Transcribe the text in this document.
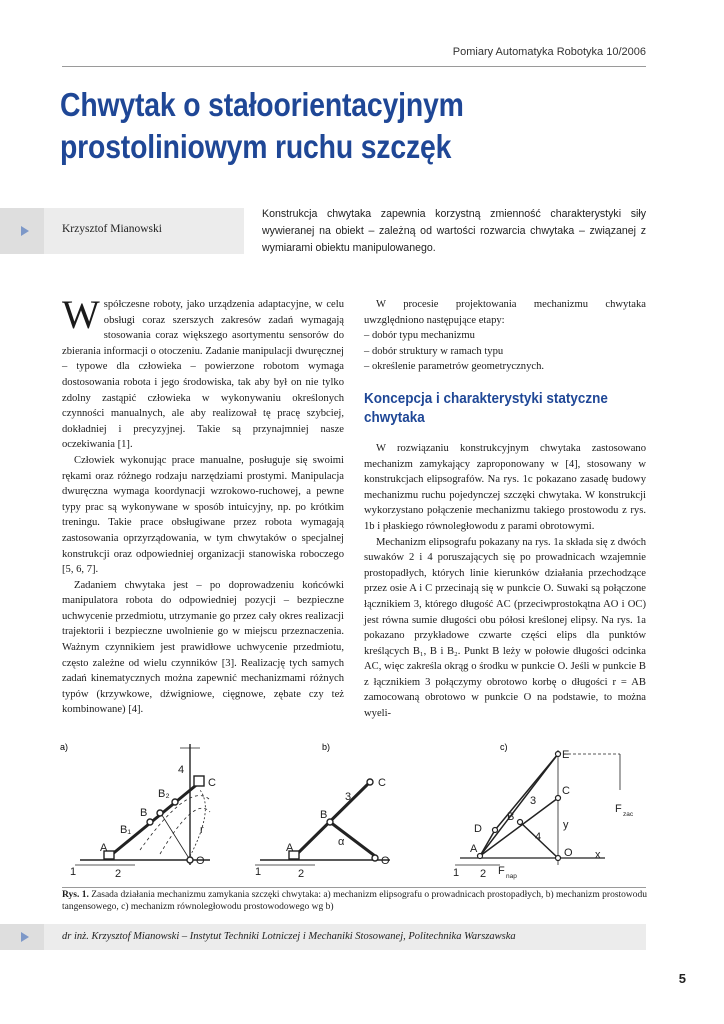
Pomiary Automatyka Robotyka 10/2006
Chwytak o stałoorientacyjnym
prostoliniowym ruchu szczęk
Krzysztof Mianowski
Konstrukcja chwytaka zapewnia korzystną zmienność charakterystyki siły wywieranej na obiekt – zależną od wartości rozwarcia chwytaka – związanej z wymiarami obiektu manipulowanego.

Współczesne roboty, jako urządzenia adaptacyjne, w celu obsługi coraz szerszych zakresów zadań wymagają stosowania coraz większego asortymentu sensorów do zbierania informacji o otoczeniu. Zadanie manipulacji dwuręcznej – typowe dla człowieka – powierzone robotom wymaga dostosowania robota i jego środowiska, tak aby był on nie tylko zdolny zastąpić człowieka w wykonywaniu określonych czynności manualnych, ale aby realizował tę pracę szybciej, dokładniej i precyzyjnej. Takie są przynajmniej nasze oczekiwania [1].

Człowiek wykonując prace manualne, posługuje się swoimi rękami oraz różnego rodzaju narzędziami prostymi. Manipulacja dwuręczna wymaga koordynacji wzrokowo-ruchowej, a pewne typy prac są wykonywane w sposób intuicyjny, np. po krótkim treningu. Takie prace obsługiwane przez robota wymagają zastosowania oprzyrządowania, w tym chwytaków o specjalnej konstrukcji oraz odpowiedniej organizacji stanowiska roboczego [5, 6, 7].

Zadaniem chwytaka jest – po doprowadzeniu końcówki manipulatora robota do odpowiedniej pozycji – bezpieczne uchwycenie przedmiotu, utrzymanie go przez cały okres realizacji trajektorii i bezpieczne uwolnienie go w miejscu przeznaczenia. Ważnym czynnikiem jest prawidłowe uchwycenie przedmiotu, często zależne od wielu czynników [3]. Realizację tych samych zadań kinematycznych można zapewnić mechanizmami różnych typów (krzywkowe, dźwigniowe, cięgnowe, zębate czy też kombinowane) [4].

W procesie projektowania mechanizmu chwytaka uwzględniono następujące etapy:

– dobór typu mechanizmu

– dobór struktury w ramach typu

– określenie parametrów geometrycznych.

Koncepcja i charakterystyki statyczne chwytaka

W rozwiązaniu konstrukcyjnym chwytaka zastosowano mechanizm zamykający zaproponowany w [4], stosowany w konstrukcjach elipsografów. Na rys. 1c pokazano zasadę budowy mechanizmu ruchu pojedynczej szczęki chwytaka. W konstrukcji wykorzystano połączenie mechanizmu takiego prostowodu z rys. 1b i płaskiego równoległowodu z parami obrotowymi.

Mechanizm elipsografu pokazany na rys. 1a składa się z dwóch suwaków 2 i 4 poruszających się po prowadnicach wzajemnie prostopadłych, których linie kierunków działania przechodzące przez osie A i C przecinają się w punkcie O. Suwaki są połączone łącznikiem 3, którego długość AC (przeciwprostokątna AO i OC) jest równa sumie długości obu półosi kreślonej elipsy. Na rys. 1a pokazano przykładowe czwarte części elips dla punktów kreślących B₁, B i B₂. Punkt B leży w połowie długości odcinka AC, więc zakreśla okrąg o środku w punkcie O. Jeśli w punkcie B z łącznikiem 3 połączymy obrotowo korbę o długości r = AB zamocowaną obrotowo w punkcie O na podstawie, to można wyeli-

a)	b)	c)
4
C
B₂
B
B₁
A
1	2
O
r
C
3
B
A	α
1	2
O
E
C
3
B
D
4
y
A	O x
1 2 F nap
F zac
Rys. 1. Zasada działania mechanizmu zamykania szczęki chwytaka: a) mechanizm elipsografu o prowadnicach prostopadłych, b) mechanizm prostowodu tangensowego, c) mechanizm równoległowodu prostowodowego wg b)
dr inż. Krzysztof Mianowski – Instytut Techniki Lotniczej i Mechaniki Stosowanej, Politechnika Warszawska
5
